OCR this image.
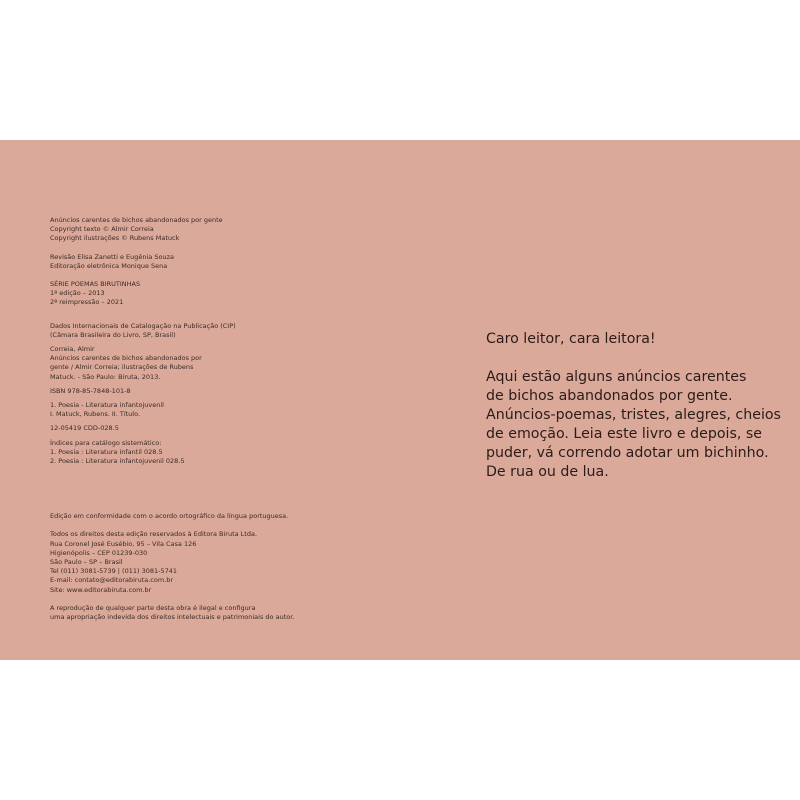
Anúncios carentes de bichos abandonados por gente

Copyright texto © Almir Correia

Copyright ilustrações © Rubens Matuck

Revisão Elisa Zanetti e Eugênia Souza

Editoração eletrônica Monique Sena

SÉRIE POEMAS BIRUTINHAS

1ª edição – 2013

2ª reimpressão – 2021

Dados Internacionais de Catalogação na Publicação (CIP)

(Câmara Brasileira do Livro, SP, Brasil)

Correia, Almir

Anúncios carentes de bichos abandonados por

gente / Almir Correia; ilustrações de Rubens

Matuck. - São Paulo: Biruta, 2013.

ISBN 978-85-7848-101-8

1. Poesia - Literatura infantojuvenil

I. Matuck, Rubens. II. Título.

12-05419 CDD-028.5

Índices para catálogo sistemático:

1. Poesia : Literatura infantil 028.5

2. Poesia : Literatura infantojuvenil 028.5

Edição em conformidade com o acordo ortográfico da língua portuguesa.

Todos os direitos desta edição reservados à Editora Biruta Ltda.

Rua Coronel José Eusébio, 95 – Vila Casa 126

Higienópolis – CEP 01239-030

São Paulo – SP – Brasil

Tel (011) 3081-5739 | (011) 3081-5741

E-mail: contato@editorabiruta.com.br

Site: www.editorabiruta.com.br

A reprodução de qualquer parte desta obra é ilegal e configura

uma apropriação indevida dos direitos intelectuais e patrimoniais do autor.

Caro leitor, cara leitora!

Aqui estão alguns anúncios carentes

de bichos abandonados por gente.

Anúncios-poemas, tristes, alegres, cheios

de emoção. Leia este livro e depois, se

puder, vá correndo adotar um bichinho.

De rua ou de lua.
